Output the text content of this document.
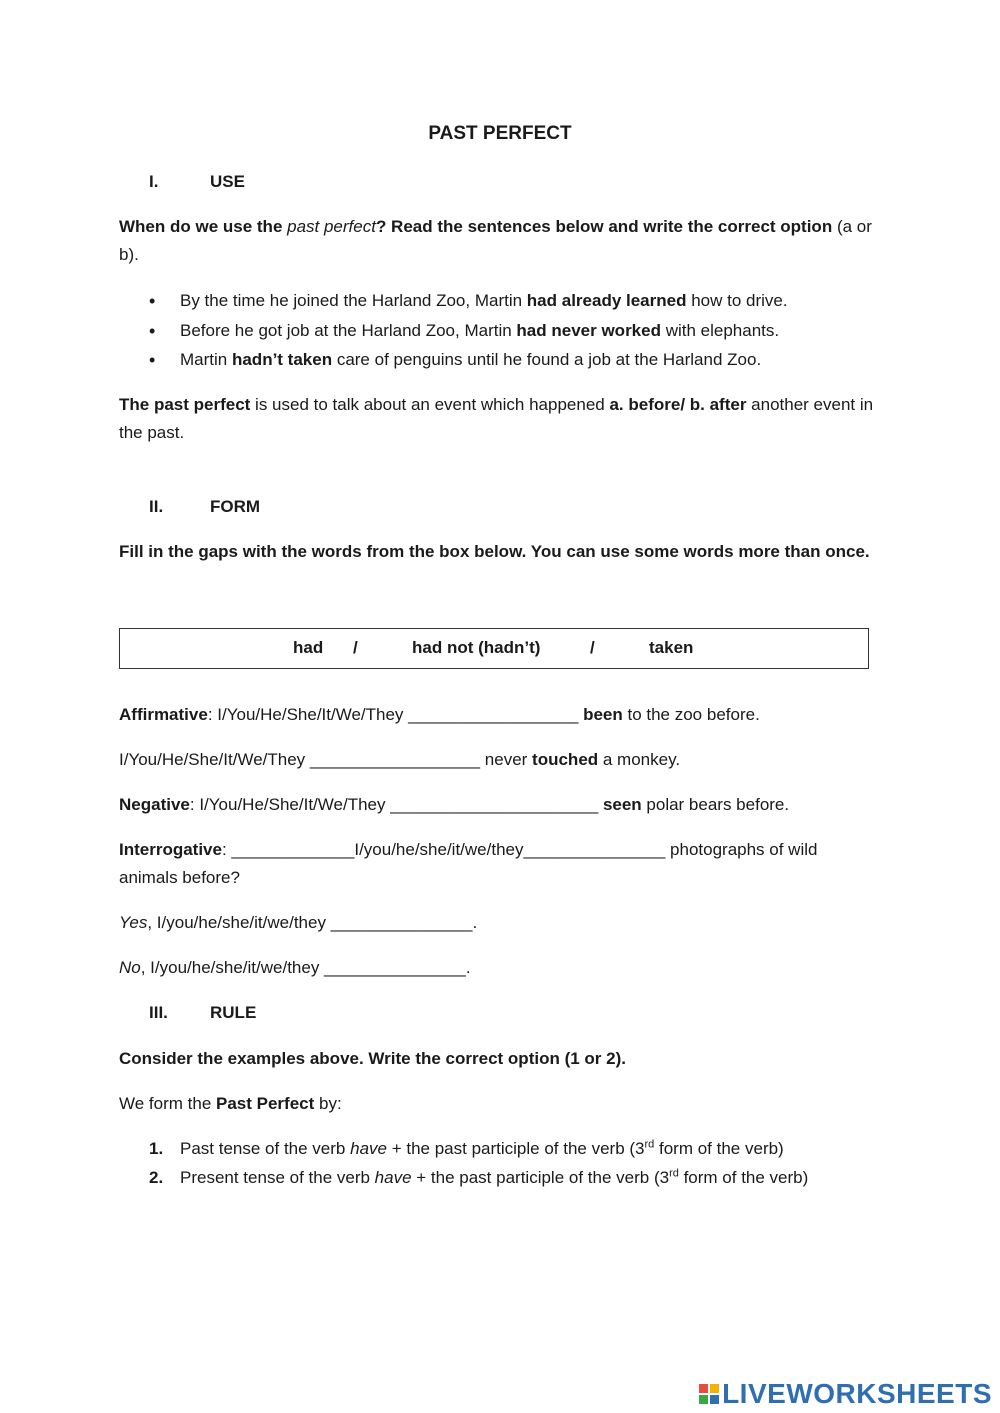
PAST PERFECT
I.	USE
When do we use the past perfect? Read the sentences below and write the correct option (a or b).
• By the time he joined the Harland Zoo, Martin had already learned how to drive.
• Before he got job at the Harland Zoo, Martin had never worked with elephants.
• Martin hadn’t taken care of penguins until he found a job at the Harland Zoo.
The past perfect is used to talk about an event which happened a. before/ b. after another event in the past.
II.	FORM
Fill in the gaps with the words from the box below. You can use some words more than once.
had /	had not (hadn’t)	/	taken
Affirmative: I/You/He/She/It/We/They __________________ been to the zoo before.
I/You/He/She/It/We/They __________________ never touched a monkey.
Negative: I/You/He/She/It/We/They ______________________ seen polar bears before.
Interrogative: _____________I/you/he/she/it/we/they_______________ photographs of wild animals before?
Yes, I/you/he/she/it/we/they _______________.
No, I/you/he/she/it/we/they _______________.
III. RULE
Consider the examples above. Write the correct option (1 or 2).
We form the Past Perfect by:
1. Past tense of the verb have + the past participle of the verb (3rd form of the verb)
2. Present tense of the verb have + the past participle of the verb (3rd form of the verb)
LIVEWORKSHEETS
